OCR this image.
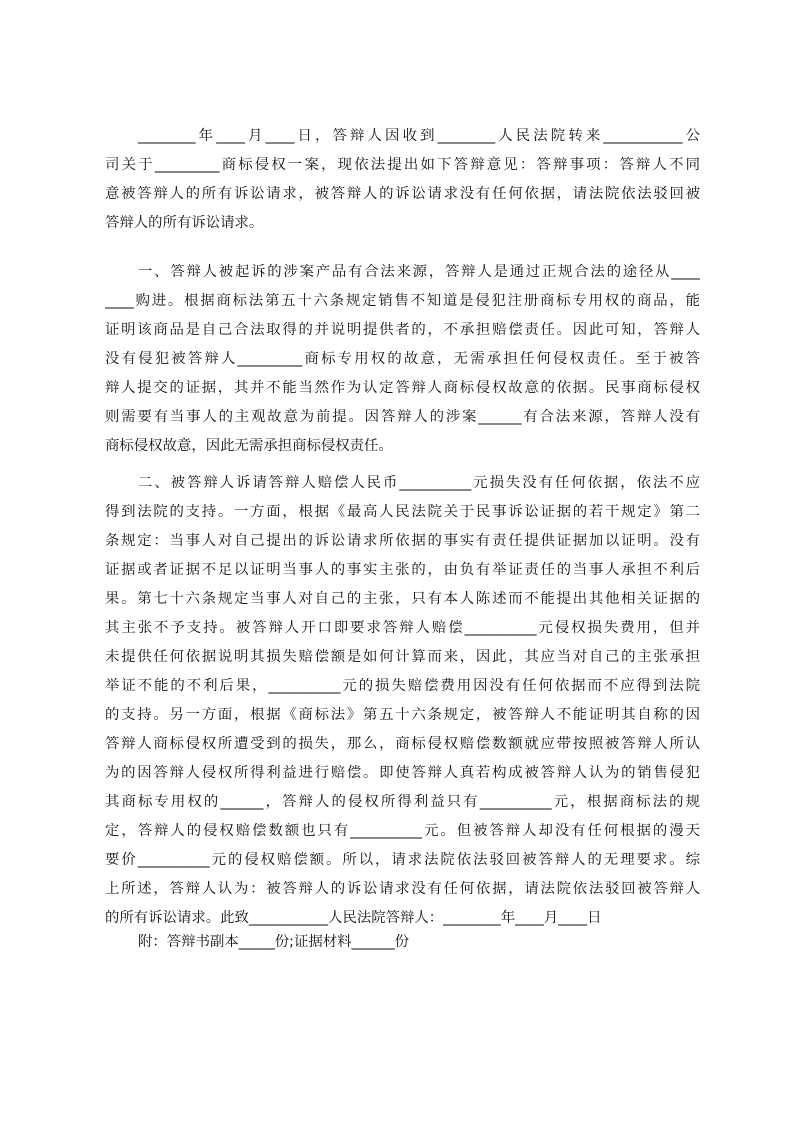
________年____月____日，答辩人因收到________人民法院转来___________公
司关于_________商标侵权一案，现依法提出如下答辩意见：答辩事项：答辩人不同
意被答辩人的所有诉讼请求，被答辩人的诉讼请求没有任何依据，请法院依法驳回被
答辩人的所有诉讼请求。
一、答辩人被起诉的涉案产品有合法来源，答辩人是通过正规合法的途径从____
____购进。根据商标法第五十六条规定销售不知道是侵犯注册商标专用权的商品，能
证明该商品是自己合法取得的并说明提供者的，不承担赔偿责任。因此可知，答辩人
没有侵犯被答辩人_________商标专用权的故意，无需承担任何侵权责任。至于被答
辩人提交的证据，其并不能当然作为认定答辩人商标侵权故意的依据。民事商标侵权
则需要有当事人的主观故意为前提。因答辩人的涉案______有合法来源，答辩人没有
商标侵权故意，因此无需承担商标侵权责任。
二、被答辩人诉请答辩人赔偿人民币__________元损失没有任何依据，依法不应
得到法院的支持。一方面，根据《最高人民法院关于民事诉讼证据的若干规定》第二
条规定：当事人对自己提出的诉讼请求所依据的事实有责任提供证据加以证明。没有
证据或者证据不足以证明当事人的事实主张的，由负有举证责任的当事人承担不利后
果。第七十六条规定当事人对自己的主张，只有本人陈述而不能提出其他相关证据的
其主张不予支持。被答辩人开口即要求答辩人赔偿__________元侵权损失费用，但并
未提供任何依据说明其损失赔偿额是如何计算而来，因此，其应当对自己的主张承担
举证不能的不利后果，__________元的损失赔偿费用因没有任何依据而不应得到法院
的支持。另一方面，根据《商标法》第五十六条规定，被答辩人不能证明其自称的因
答辩人商标侵权所遭受到的损失，那么，商标侵权赔偿数额就应带按照被答辩人所认
为的因答辩人侵权所得利益进行赔偿。即使答辩人真若构成被答辩人认为的销售侵犯
其商标专用权的______，答辩人的侵权所得利益只有__________元，根据商标法的规
定，答辩人的侵权赔偿数额也只有__________元。但被答辩人却没有任何根据的漫天
要价__________元的侵权赔偿额。所以，请求法院依法驳回被答辩人的无理要求。综
上所述，答辩人认为：被答辩人的诉讼请求没有任何依据，请法院依法驳回被答辩人
的所有诉讼请求。此致___________人民法院答辩人：________年____月____日
附：答辩书副本_____份;证据材料______份
